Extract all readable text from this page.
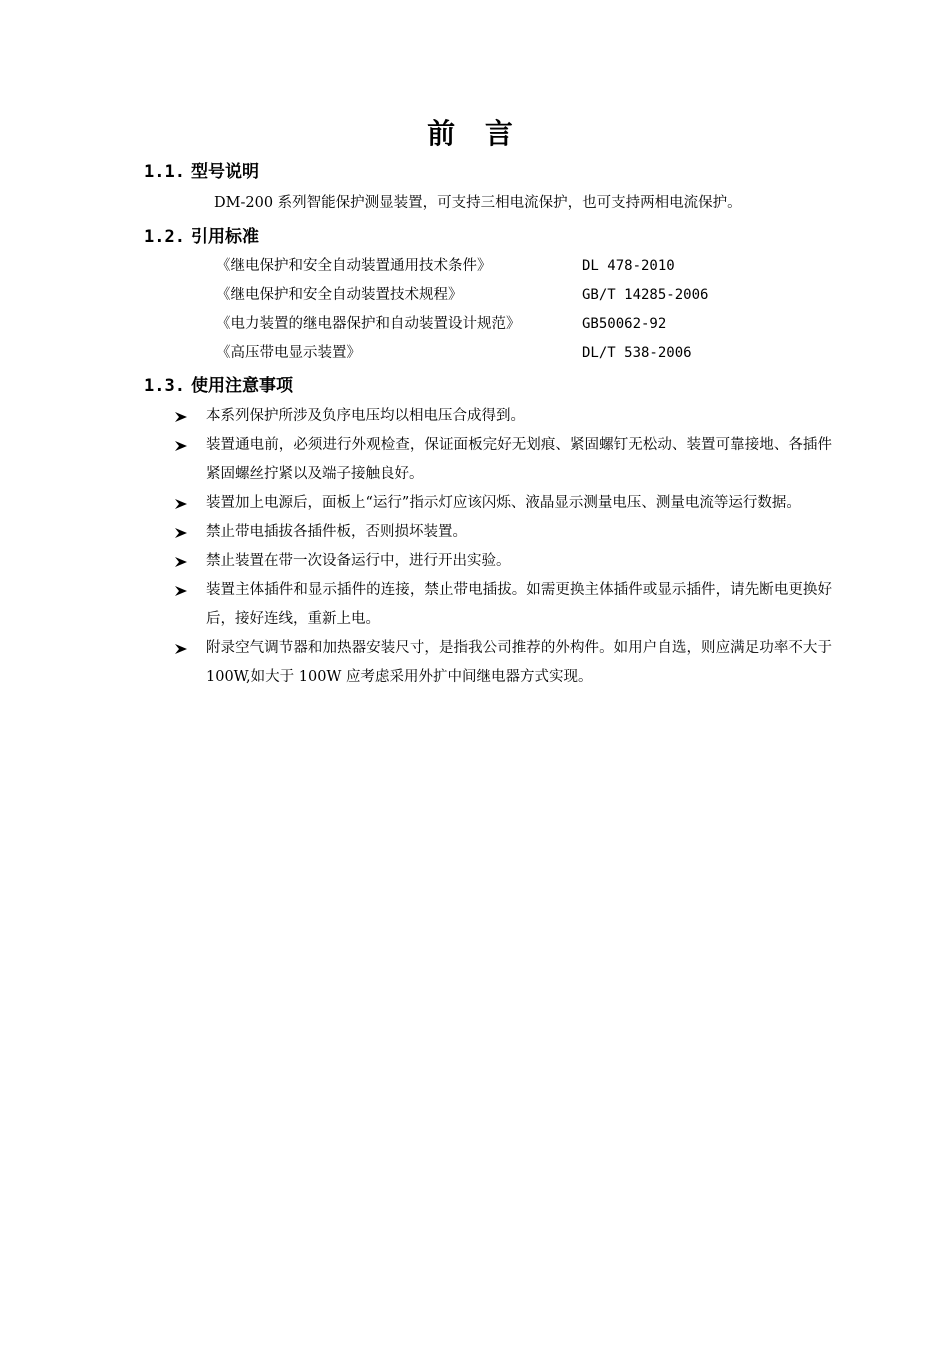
前 言
1.1. 型号说明
DM-200 系列智能保护测显装置，可支持三相电流保护，也可支持两相电流保护。
1.2. 引用标准
《继电保护和安全自动装置通用技术条件》	DL 478-2010
《继电保护和安全自动装置技术规程》	GB/T 14285-2006
《电力装置的继电器保护和自动装置设计规范》	GB50062-92
《高压带电显示装置》	DL/T 538-2006
1.3. 使用注意事项
本系列保护所涉及负序电压均以相电压合成得到。
装置通电前，必须进行外观检查，保证面板完好无划痕、紧固螺钉无松动、装置可靠接地、各插件紧固螺丝拧紧以及端子接触良好。
装置加上电源后，面板上“运行”指示灯应该闪烁、液晶显示测量电压、测量电流等运行数据。
禁止带电插拔各插件板，否则损坏装置。
禁止装置在带一次设备运行中，进行开出实验。
装置主体插件和显示插件的连接，禁止带电插拔。如需更换主体插件或显示插件，请先断电更换好后，接好连线，重新上电。
附录空气调节器和加热器安装尺寸，是指我公司推荐的外构件。如用户自选，则应满足功率不大于 100W,如大于 100W 应考虑采用外扩中间继电器方式实现。
